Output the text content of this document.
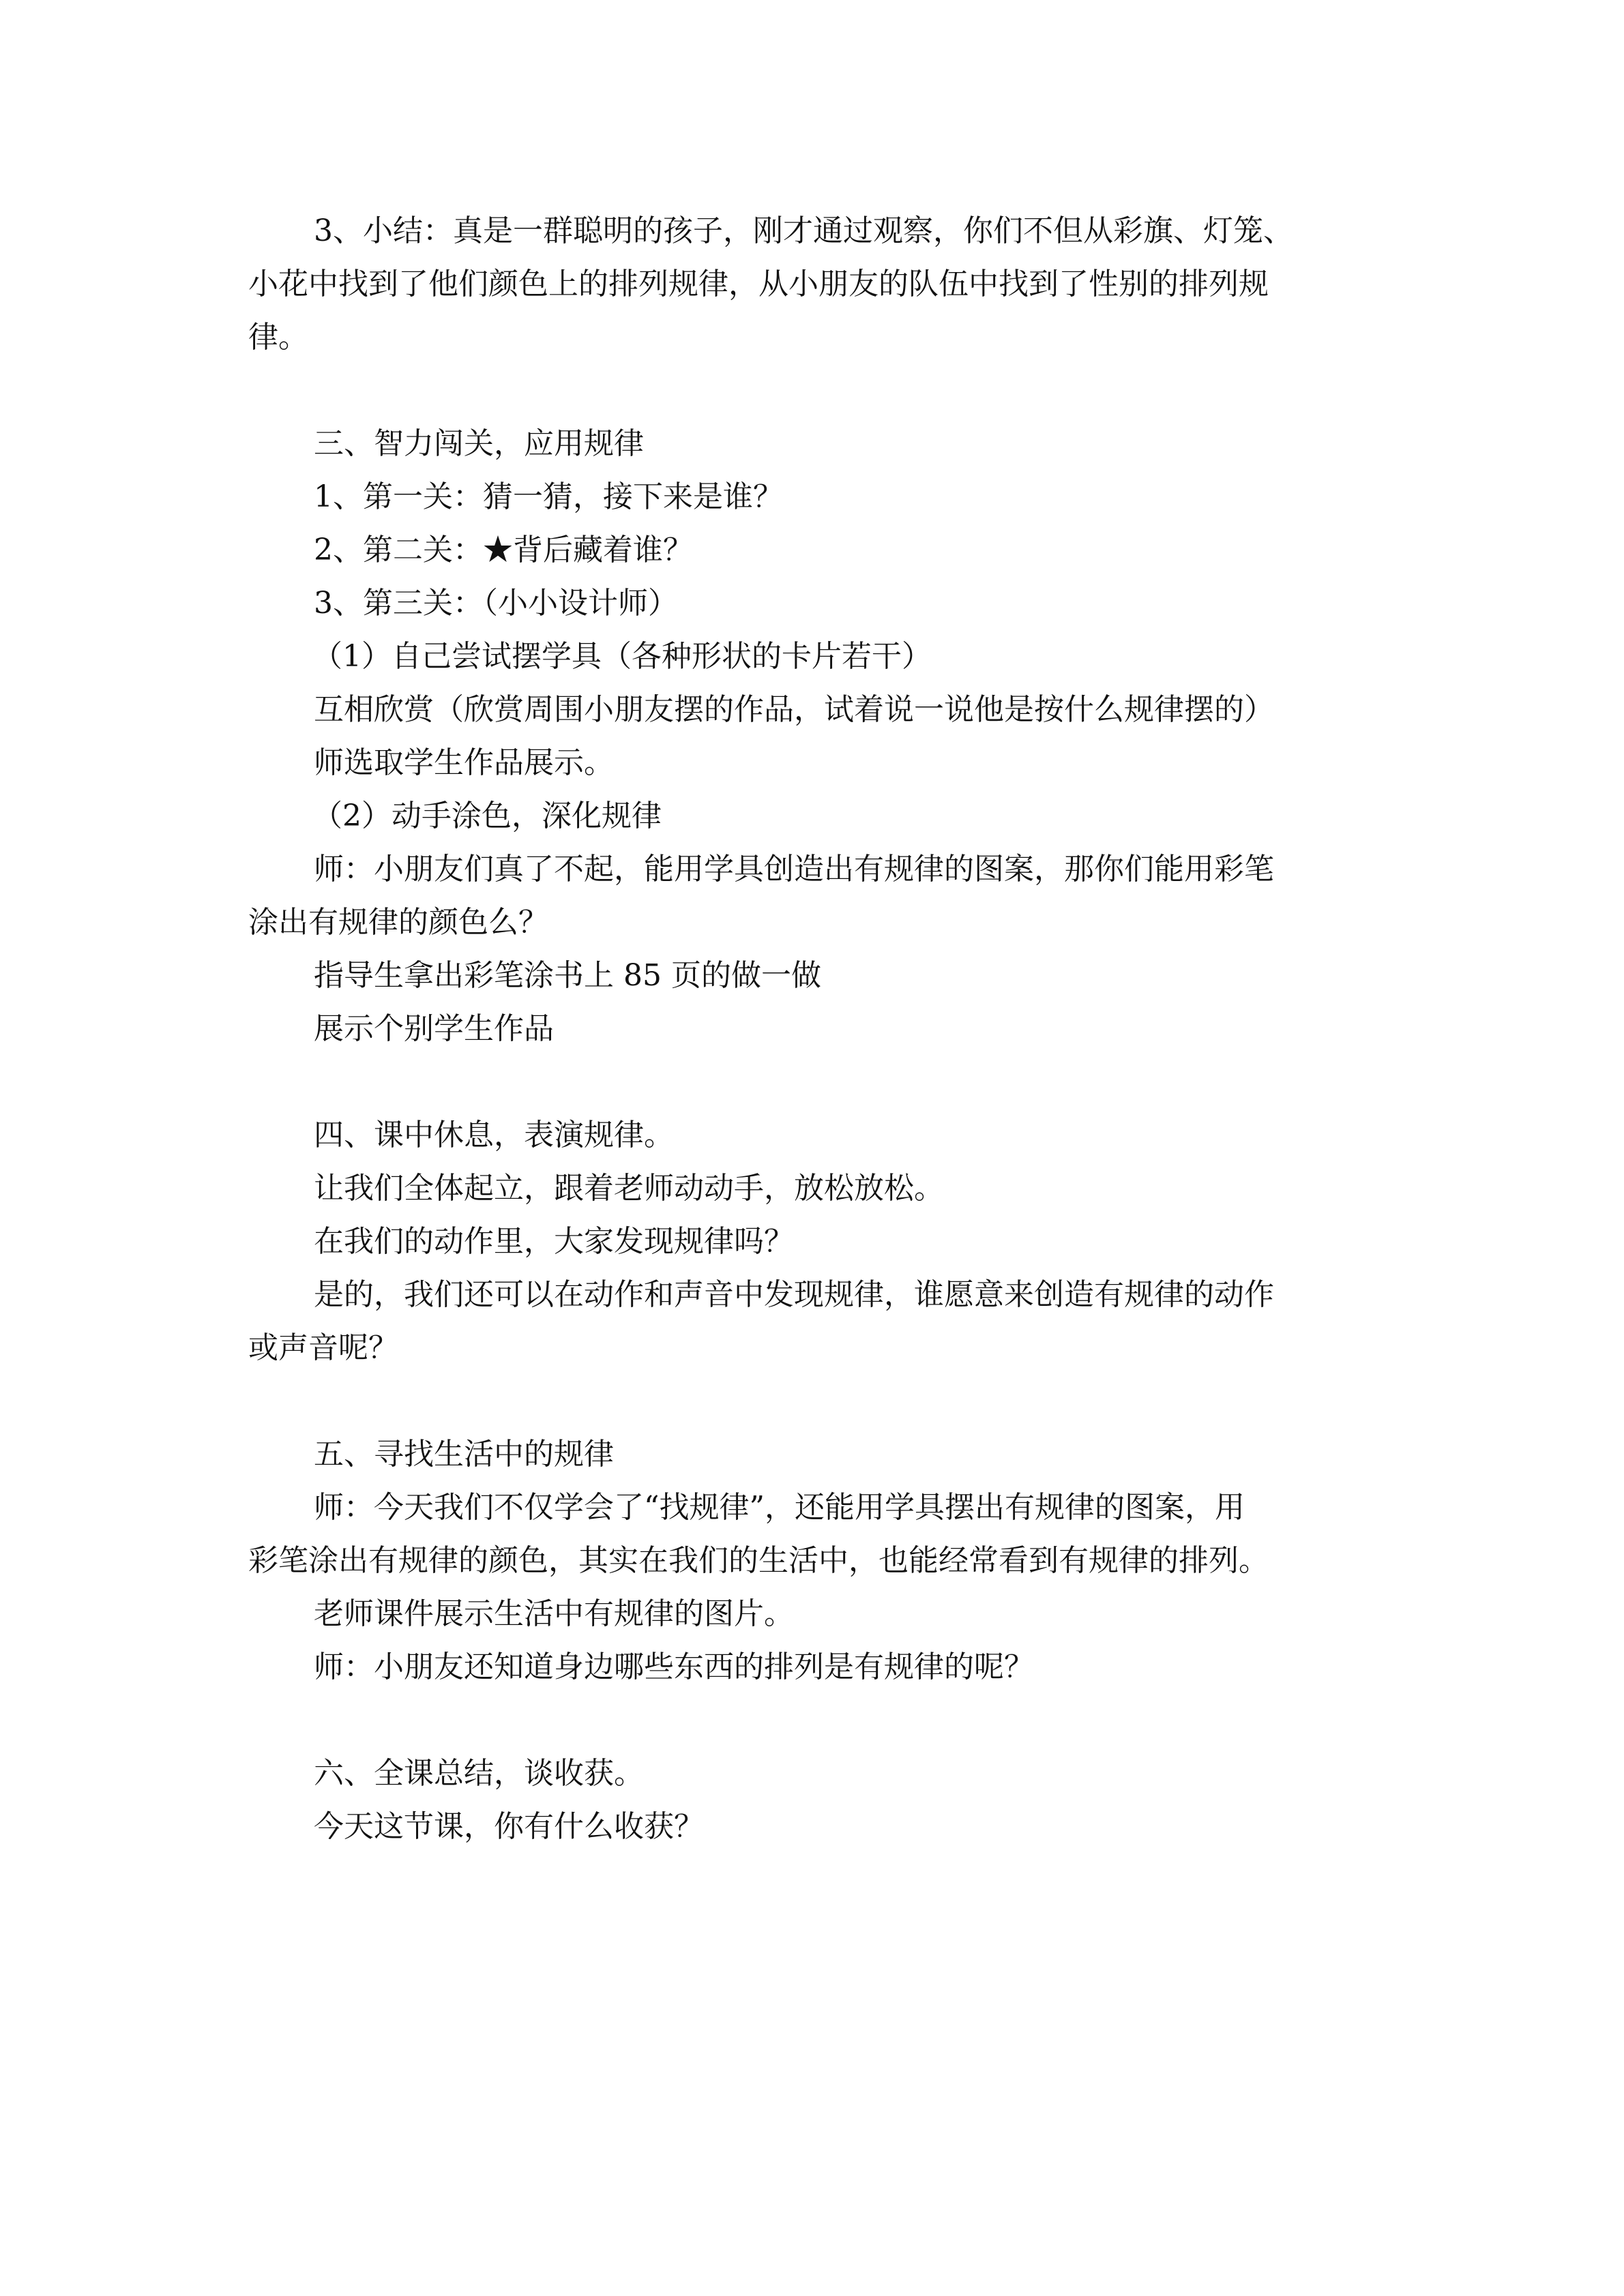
3、小结：真是一群聪明的孩子，刚才通过观察，你们不但从彩旗、灯笼、
小花中找到了他们颜色上的排列规律，从小朋友的队伍中找到了性别的排列规
律。
三、智力闯关，应用规律
1、第一关：猜一猜，接下来是谁？
2、第二关：★背后藏着谁？
3、第三关：（小小设计师）
（1）自己尝试摆学具（各种形状的卡片若干）
互相欣赏（欣赏周围小朋友摆的作品，试着说一说他是按什么规律摆的）
师选取学生作品展示。
（2）动手涂色，深化规律
师：小朋友们真了不起，能用学具创造出有规律的图案，那你们能用彩笔
涂出有规律的颜色么？
指导生拿出彩笔涂书上 85 页的做一做
展示个别学生作品
四、课中休息，表演规律。
让我们全体起立，跟着老师动动手，放松放松。
在我们的动作里，大家发现规律吗？
是的，我们还可以在动作和声音中发现规律，谁愿意来创造有规律的动作
或声音呢？
五、寻找生活中的规律
师：今天我们不仅学会了“找规律”，还能用学具摆出有规律的图案，用
彩笔涂出有规律的颜色，其实在我们的生活中，也能经常看到有规律的排列。
老师课件展示生活中有规律的图片。
师：小朋友还知道身边哪些东西的排列是有规律的呢？
六、全课总结，谈收获。
今天这节课，你有什么收获？
